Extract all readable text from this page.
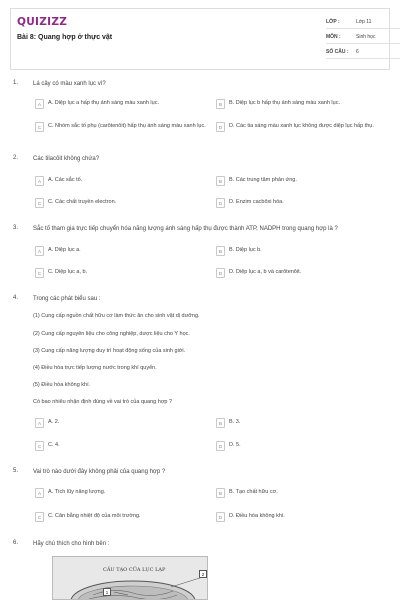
QUIZIZZ
Bài 8: Quang hợp ở thực vật
LỚP :	Lớp 11
MÔN :	Sinh học
SỐ CÂU : 6
1. Lá cây có màu xanh lục vì?
A	A. Diệp lục a hấp thụ ánh sáng màu xanh lục.	B	B. Diệp lục b hấp thụ ánh sáng màu xanh lục.
C	C. Nhóm sắc tố phụ (carôtenôit) hấp thụ ánh sáng màu xanh lục.	D	D. Các tia sáng màu xanh lục không được diệp lục hấp thụ.
2. Các tilacôit không chứa?
A	A. Các sắc tố.	B	B. Các trung tâm phản ứng.
C	C. Các chất truyền electron.	D	D. Enzim cacbôxi hóa.
3. Sắc tố tham gia trực tiếp chuyển hóa năng lượng ánh sáng hấp thụ được thành ATP, NADPH trong quang hợp là ?
A	A. Diệp lục a.	B	B. Diệp lục b.
C	C. Diệp lục a, b.	D	D. Diệp lục a, b và carôtenôit.
4. Trong các phát biểu sau :
(1) Cung cấp nguồn chất hữu cơ làm thức ăn cho sinh vật dị dưỡng.
(2) Cung cấp nguyên liệu cho công nghiệp, dược liệu cho Y học.
(3) Cung cấp năng lượng duy trì hoạt động sống của sinh giới.
(4) Điều hòa trực tiếp lượng nước trong khí quyển.
(5) Điều hòa không khí.
Có bao nhiêu nhận định đúng về vai trò của quang hợp ?
A	A. 2.	B	B. 3.
C	C. 4.	D	D. 5.
5. Vai trò nào dưới đây không phải của quang hợp ?
A	A. Tích lũy năng lượng.	B	B. Tạo chất hữu cơ.
C	C. Cân bằng nhiệt độ của môi trường.	D	D. Điều hòa không khí.
6. Hãy chú thích cho hình bên :
CẤU TẠO CỦA LỤC LẠP
1
2
